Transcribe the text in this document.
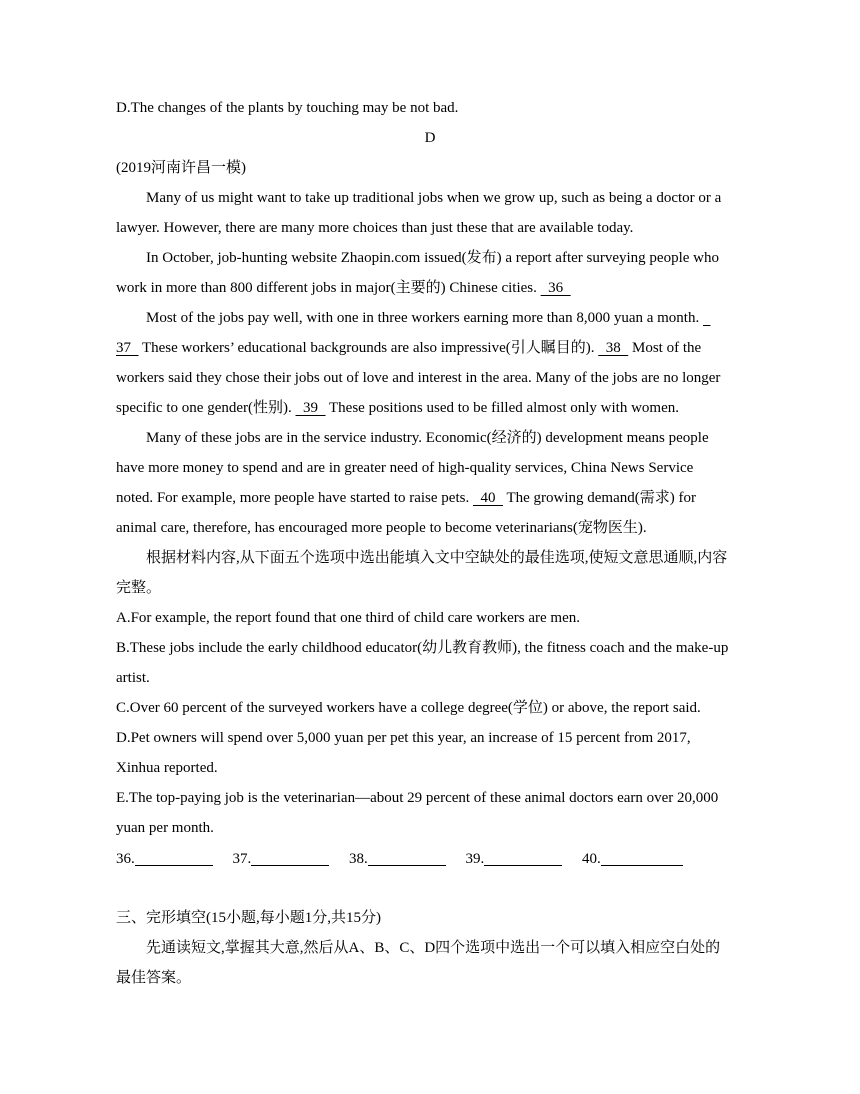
D.The changes of the plants by touching may be not bad.
D
(2019河南许昌一模)
Many of us might want to take up traditional jobs when we grow up, such as being a doctor or a
lawyer. However, there are many more choices than just these that are available today.
In October, job-hunting website Zhaopin.com issued(发布) a report after surveying people who
work in more than 800 different jobs in major(主要的) Chinese cities.   36
Most of the jobs pay well, with one in three workers earning more than 8,000 yuan a month.
37   These workers’ educational backgrounds are also impressive(引人瞩目的).   38   Most of the
workers said they chose their jobs out of love and interest in the area. Many of the jobs are no longer
specific to one gender(性别).   39   These positions used to be filled almost only with women.
Many of these jobs are in the service industry. Economic(经济的) development means people
have more money to spend and are in greater need of high-quality services, China News Service
noted. For example, more people have started to raise pets.   40   The growing demand(需求) for
animal care, therefore, has encouraged more people to become veterinarians(宠物医生).
根据材料内容,从下面五个选项中选出能填入文中空缺处的最佳选项,使短文意思通顺,内容
完整。
A.For example, the report found that one third of child care workers are men.
B.These jobs include the early childhood educator(幼儿教育教师), the fitness coach and the make-up
artist.
C.Over 60 percent of the surveyed workers have a college degree(学位) or above, the report said.
D.Pet owners will spend over 5,000 yuan per pet this year, an increase of 15 percent from 2017,
Xinhua reported.
E.The top-paying job is the veterinarian—about 29 percent of these animal doctors earn over 20,000
yuan per month.
36.	37.	38.	39.	40.
三、完形填空(15小题,每小题1分,共15分)
先通读短文,掌握其大意,然后从A、B、C、D四个选项中选出一个可以填入相应空白处的
最佳答案。
